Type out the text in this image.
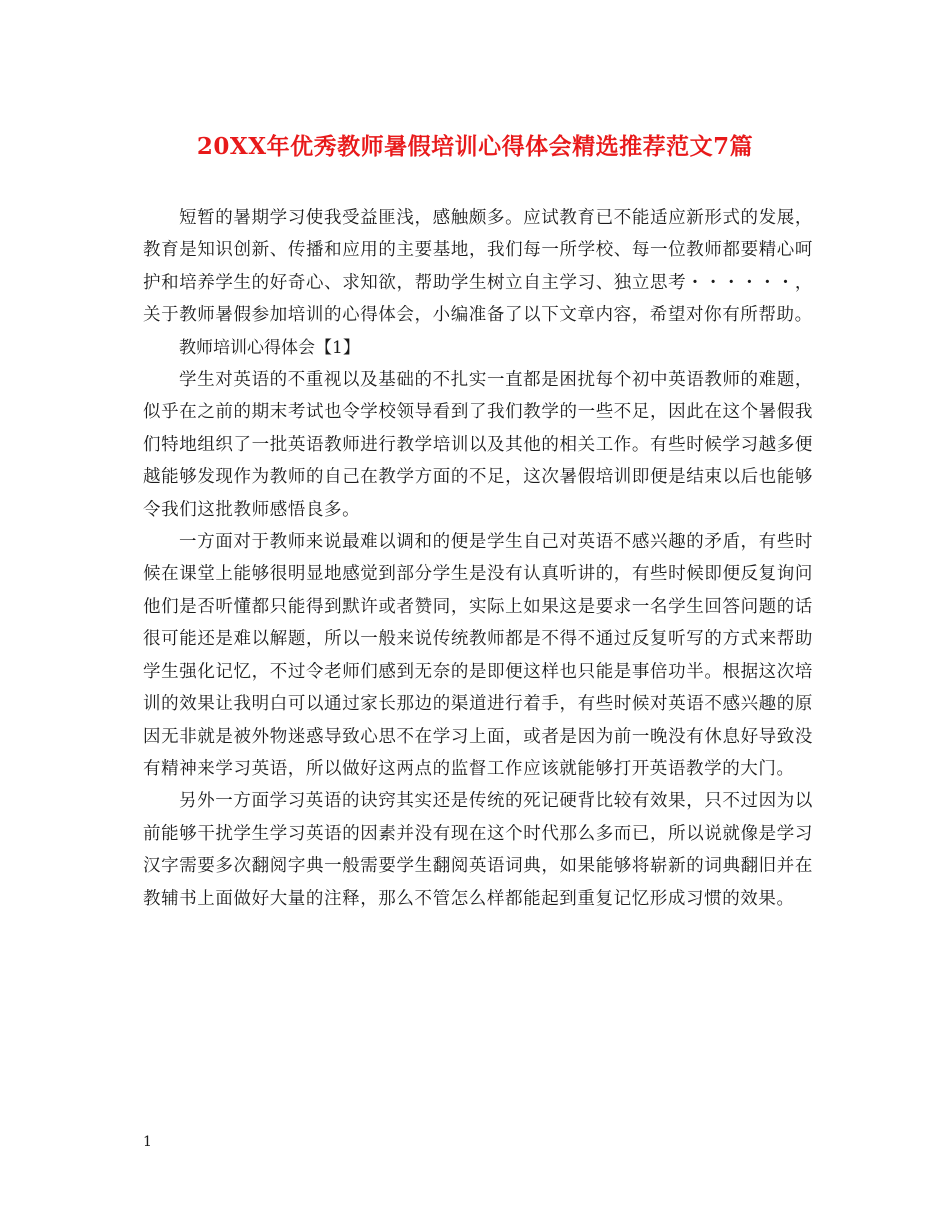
20XX年优秀教师暑假培训心得体会精选推荐范文7篇

短暂的暑期学习使我受益匪浅，感触颇多。应试教育已不能适应新形式的发展，教育是知识创新、传播和应用的主要基地，我们每一所学校、每一位教师都要精心呵护和培养学生的好奇心、求知欲，帮助学生树立自主学习、独立思考・・・・・・，关于教师暑假参加培训的心得体会，小编准备了以下文章内容，希望对你有所帮助。

教师培训心得体会【1】

学生对英语的不重视以及基础的不扎实一直都是困扰每个初中英语教师的难题，似乎在之前的期末考试也令学校领导看到了我们教学的一些不足，因此在这个暑假我们特地组织了一批英语教师进行教学培训以及其他的相关工作。有些时候学习越多便越能够发现作为教师的自己在教学方面的不足，这次暑假培训即便是结束以后也能够令我们这批教师感悟良多。

一方面对于教师来说最难以调和的便是学生自己对英语不感兴趣的矛盾，有些时候在课堂上能够很明显地感觉到部分学生是没有认真听讲的，有些时候即便反复询问他们是否听懂都只能得到默许或者赞同，实际上如果这是要求一名学生回答问题的话很可能还是难以解题，所以一般来说传统教师都是不得不通过反复听写的方式来帮助学生强化记忆，不过令老师们感到无奈的是即便这样也只能是事倍功半。根据这次培训的效果让我明白可以通过家长那边的渠道进行着手，有些时候对英语不感兴趣的原因无非就是被外物迷惑导致心思不在学习上面，或者是因为前一晚没有休息好导致没有精神来学习英语，所以做好这两点的监督工作应该就能够打开英语教学的大门。

另外一方面学习英语的诀窍其实还是传统的死记硬背比较有效果，只不过因为以前能够干扰学生学习英语的因素并没有现在这个时代那么多而已，所以说就像是学习汉字需要多次翻阅字典一般需要学生翻阅英语词典，如果能够将崭新的词典翻旧并在教辅书上面做好大量的注释，那么不管怎么样都能起到重复记忆形成习惯的效果。

1
